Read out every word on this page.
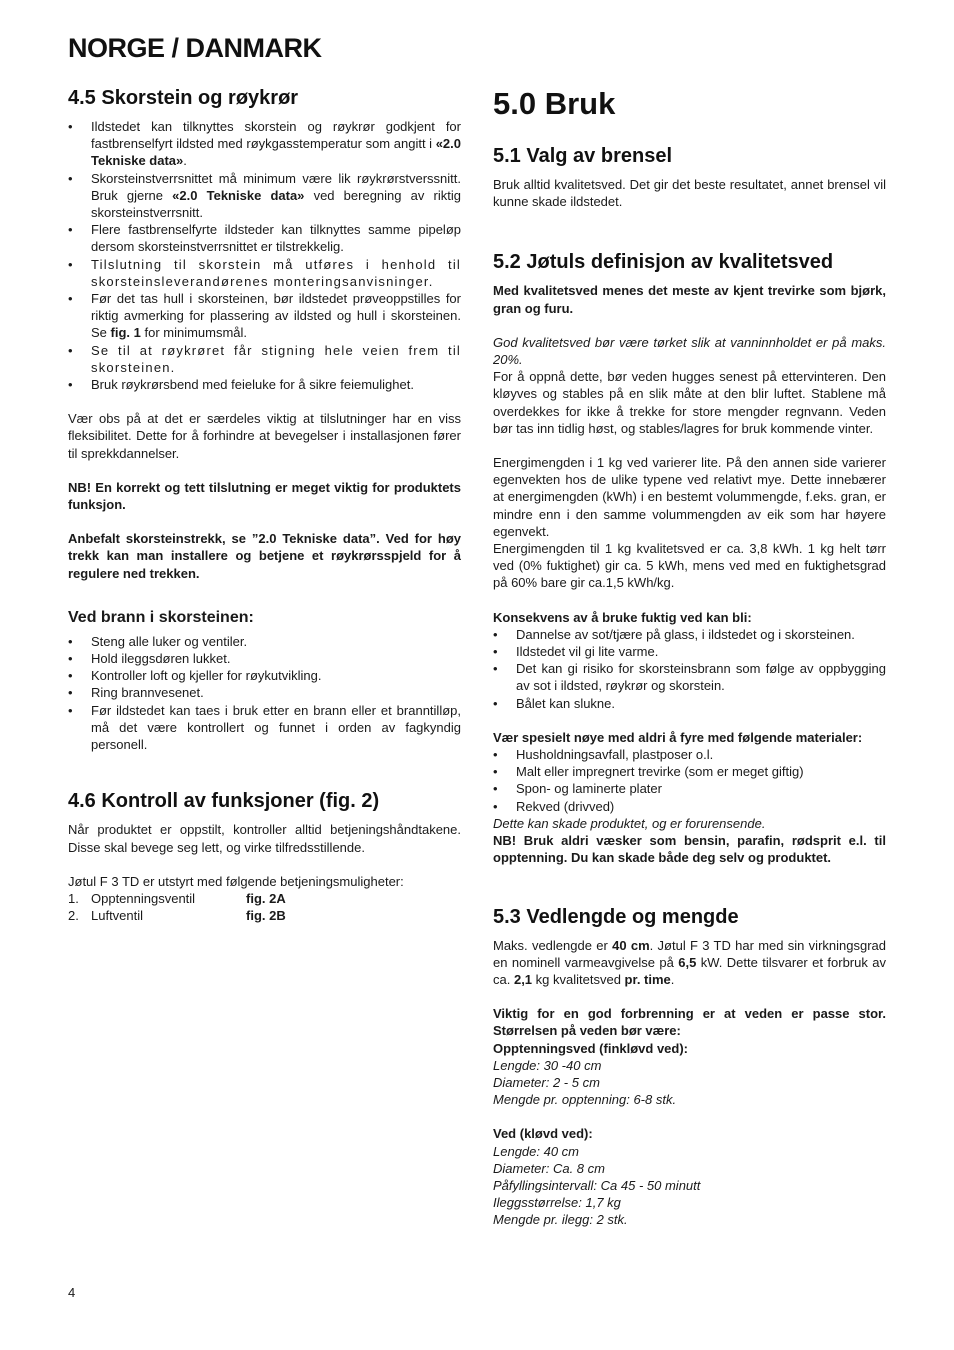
NORGE / DANMARK
4.5 Skorstein og røykrør
• Ildstedet kan tilknyttes skorstein og røykrør godkjent for fastbrenselfyrt ildsted med røykgasstemperatur som angitt i «2.0 Tekniske data».
• Skorsteinstverrsnittet må minimum være lik røykrørstverssnitt. Bruk gjerne «2.0 Tekniske data» ved beregning av riktig skorsteinstverrsnitt.
• Flere fastbrenselfyrte ildsteder kan tilknyttes samme pipeløp dersom skorsteinstverrsnittet er tilstrekkelig.
• Tilslutning til skorstein må utføres i henhold til skorsteinsleverandørenes monteringsanvisninger.
• Før det tas hull i skorsteinen, bør ildstedet prøveoppstilles for riktig avmerking for plassering av ildsted og hull i skorsteinen. Se fig. 1 for minimumsmål.
• Se til at røykrøret får stigning hele veien frem til skorsteinen.
• Bruk røykrørsbend med feieluke for å sikre feiemulighet.

Vær obs på at det er særdeles viktig at tilslutninger har en viss fleksibilitet. Dette for å forhindre at bevegelser i installasjonen fører til sprekkdannelser.

NB! En korrekt og tett tilslutning er meget viktig for produktets funksjon.

Anbefalt skorsteinstrekk, se ”2.0 Tekniske data”. Ved for høy trekk kan man installere og betjene et røykrørsspjeld for å regulere ned trekken.

Ved brann i skorsteinen:
• Steng alle luker og ventiler.
• Hold ileggsdøren lukket.
• Kontroller loft og kjeller for røykutvikling.
• Ring brannvesenet.
• Før ildstedet kan taes i bruk etter en brann eller et branntilløp, må det være kontrollert og funnet i orden av fagkyndig personell.
4.6 Kontroll av funksjoner (fig. 2)

Når produktet er oppstilt, kontroller alltid betjeningshåndtakene. Disse skal bevege seg lett, og virke tilfredsstillende.

Jøtul F 3 TD er utstyrt med følgende betjeningsmuligheter:

1. Opptenningsventil	fig. 2A
2. Luftventil	fig. 2B
5.0 Bruk
5.1 Valg av brensel

Bruk alltid kvalitetsved. Det gir det beste resultatet, annet brensel vil kunne skade ildstedet.

5.2 Jøtuls definisjon av kvalitetsved

Med kvalitetsved menes det meste av kjent trevirke som bjørk, gran og furu.

God kvalitetsved bør være tørket slik at vanninnholdet er på maks. 20%.

For å oppnå dette, bør veden hugges senest på ettervinteren. Den kløyves og stables på en slik måte at den blir luftet. Stablene må overdekkes for ikke å trekke for store mengder regnvann. Veden bør tas inn tidlig høst, og stables/lagres for bruk kommende vinter.

Energimengden i 1 kg ved varierer lite. På den annen side varierer egenvekten hos de ulike typene ved relativt mye. Dette innebærer at energimengden (kWh) i en bestemt volummengde, f.eks. gran, er mindre enn i den samme volummengden av eik som har høyere egenvekt.

Energimengden til 1 kg kvalitetsved er ca. 3,8 kWh. 1 kg helt tørr ved (0% fuktighet) gir ca. 5 kWh, mens ved med en fuktighetsgrad på 60% bare gir ca.1,5 kWh/kg.

Konsekvens av å bruke fuktig ved kan bli:

• Dannelse av sot/tjære på glass, i ildstedet og i skorsteinen.
• Ildstedet vil gi lite varme.
• Det kan gi risiko for skorsteinsbrann som følge av oppbygging av sot i ildsted, røykrør og skorstein.
• Bålet kan slukne.

Vær spesielt nøye med aldri å fyre med følgende materialer:

• Husholdningsavfall, plastposer o.l.
• Malt eller impregnert trevirke (som er meget giftig)
• Spon- og laminerte plater
• Rekved (drivved)

Dette kan skade produktet, og er forurensende.

NB! Bruk aldri væsker som bensin, parafin, rødsprit e.l. til opptenning. Du kan skade både deg selv og produktet.

5.3 Vedlengde og mengde

Maks. vedlengde er 40 cm. Jøtul F 3 TD har med sin virkningsgrad en nominell varmeavgivelse på 6,5 kW. Dette tilsvarer et forbruk av ca. 2,1 kg kvalitetsved pr. time.

Viktig for en god forbrenning er at veden er passe stor. Størrelsen på veden bør være:

Opptenningsved (finkløvd ved):

Lengde: 30 -40 cm

Diameter: 2 - 5 cm

Mengde pr. opptenning: 6-8 stk.

Ved (kløvd ved):

Lengde: 40 cm

Diameter: Ca. 8 cm

Påfyllingsintervall: Ca 45 - 50 minutt

Ileggsstørrelse: 1,7 kg

Mengde pr. ilegg: 2 stk.

4
